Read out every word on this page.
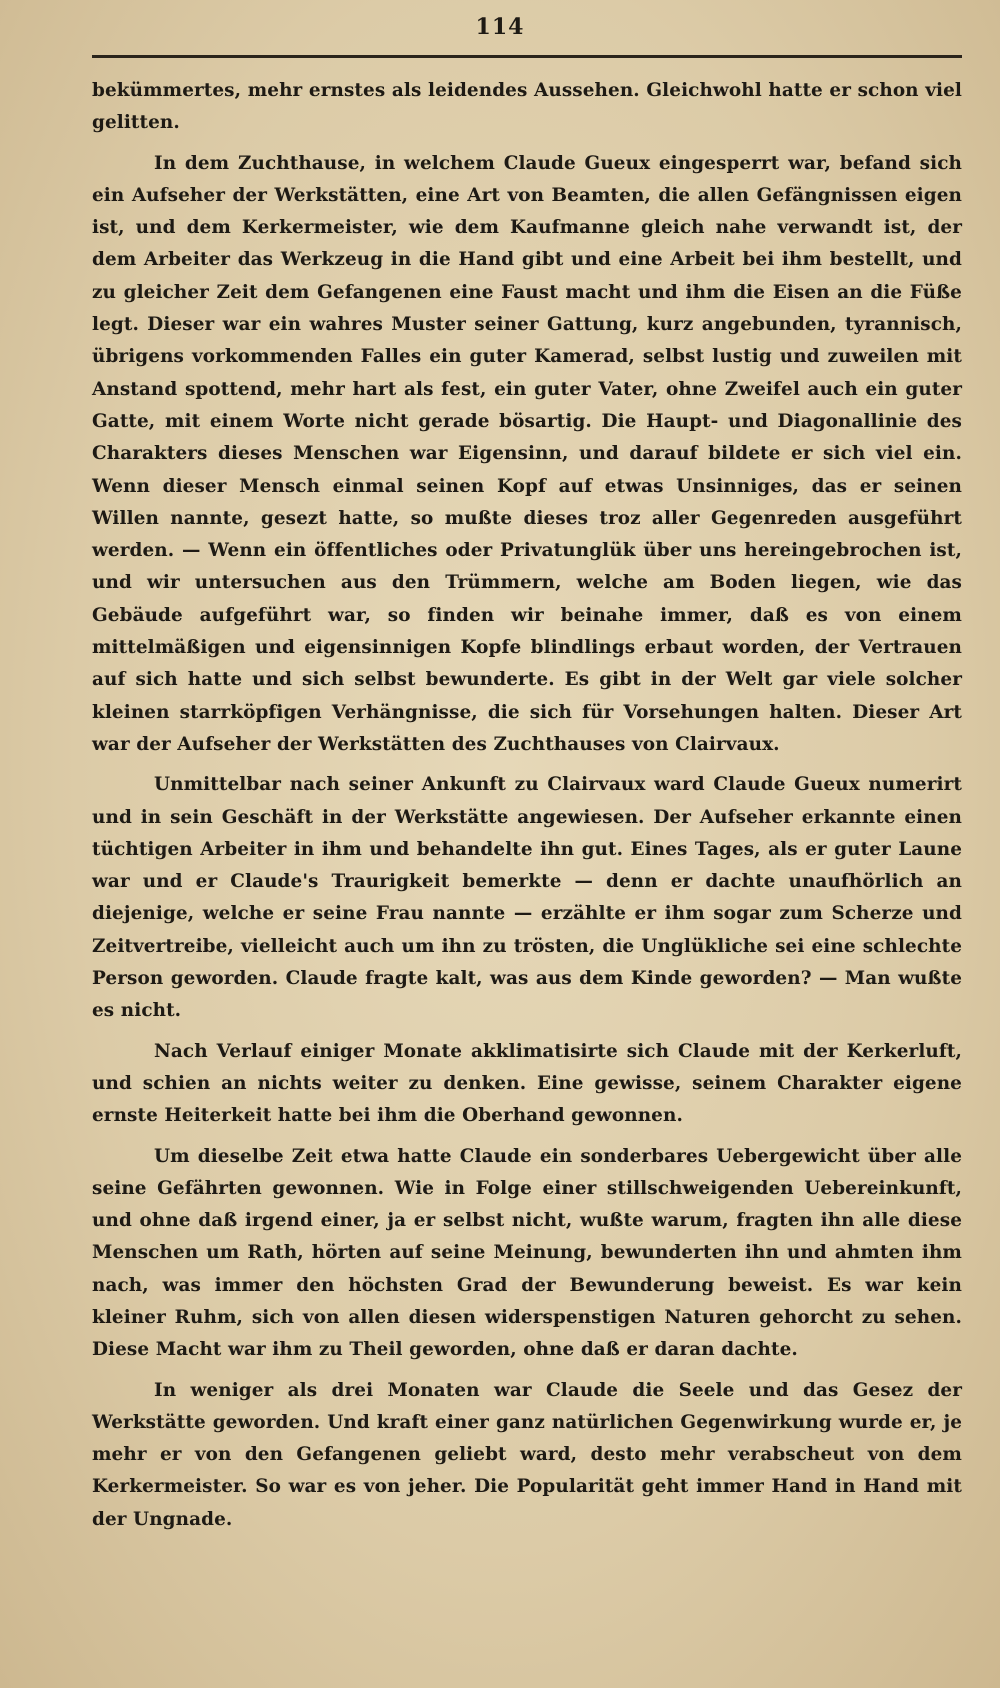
114

bekümmertes, mehr ernstes als leidendes Aussehen. Gleichwohl hatte er schon viel gelitten.

In dem Zuchthause, in welchem Claude Gueux eingesperrt war, befand sich ein Aufseher der Werkstätten, eine Art von Beamten, die allen Gefängnissen eigen ist, und dem Kerkermeister, wie dem Kaufmanne gleich nahe verwandt ist, der dem Arbeiter das Werkzeug in die Hand gibt und eine Arbeit bei ihm bestellt, und zu gleicher Zeit dem Gefangenen eine Faust macht und ihm die Eisen an die Füße legt. Dieser war ein wahres Muster seiner Gattung, kurz angebunden, tyrannisch, übrigens vorkommenden Falles ein guter Kamerad, selbst lustig und zuweilen mit Anstand spottend, mehr hart als fest, ein guter Vater, ohne Zweifel auch ein guter Gatte, mit einem Worte nicht gerade bösartig. Die Haupt- und Diagonallinie des Charakters dieses Menschen war Eigensinn, und darauf bildete er sich viel ein. Wenn dieser Mensch einmal seinen Kopf auf etwas Unsinniges, das er seinen Willen nannte, gesezt hatte, so mußte dieses troz aller Gegenreden ausgeführt werden. — Wenn ein öffentliches oder Privatunglük über uns hereingebrochen ist, und wir untersuchen aus den Trümmern, welche am Boden liegen, wie das Gebäude aufgeführt war, so finden wir beinahe immer, daß es von einem mittelmäßigen und eigensinnigen Kopfe blindlings erbaut worden, der Vertrauen auf sich hatte und sich selbst bewunderte. Es gibt in der Welt gar viele solcher kleinen starrköpfigen Verhängnisse, die sich für Vorsehungen halten. Dieser Art war der Aufseher der Werkstätten des Zuchthauses von Clairvaux.

Unmittelbar nach seiner Ankunft zu Clairvaux ward Claude Gueux numerirt und in sein Geschäft in der Werkstätte angewiesen. Der Aufseher erkannte einen tüchtigen Arbeiter in ihm und behandelte ihn gut. Eines Tages, als er guter Laune war und er Claude's Traurigkeit bemerkte — denn er dachte unaufhörlich an diejenige, welche er seine Frau nannte — erzählte er ihm sogar zum Scherze und Zeitvertreibe, vielleicht auch um ihn zu trösten, die Unglükliche sei eine schlechte Person geworden. Claude fragte kalt, was aus dem Kinde geworden? — Man wußte es nicht.

Nach Verlauf einiger Monate akklimatisirte sich Claude mit der Kerkerluft, und schien an nichts weiter zu denken. Eine gewisse, seinem Charakter eigene ernste Heiterkeit hatte bei ihm die Oberhand gewonnen.

Um dieselbe Zeit etwa hatte Claude ein sonderbares Uebergewicht über alle seine Gefährten gewonnen. Wie in Folge einer stillschweigenden Uebereinkunft, und ohne daß irgend einer, ja er selbst nicht, wußte warum, fragten ihn alle diese Menschen um Rath, hörten auf seine Meinung, bewunderten ihn und ahmten ihm nach, was immer den höchsten Grad der Bewunderung beweist. Es war kein kleiner Ruhm, sich von allen diesen widerspenstigen Naturen gehorcht zu sehen. Diese Macht war ihm zu Theil geworden, ohne daß er daran dachte.

In weniger als drei Monaten war Claude die Seele und das Gesez der Werkstätte geworden. Und kraft einer ganz natürlichen Gegenwirkung wurde er, je mehr er von den Gefangenen geliebt ward, desto mehr verabscheut von dem Kerkermeister. So war es von jeher. Die Popularität geht immer Hand in Hand mit der Ungnade.
